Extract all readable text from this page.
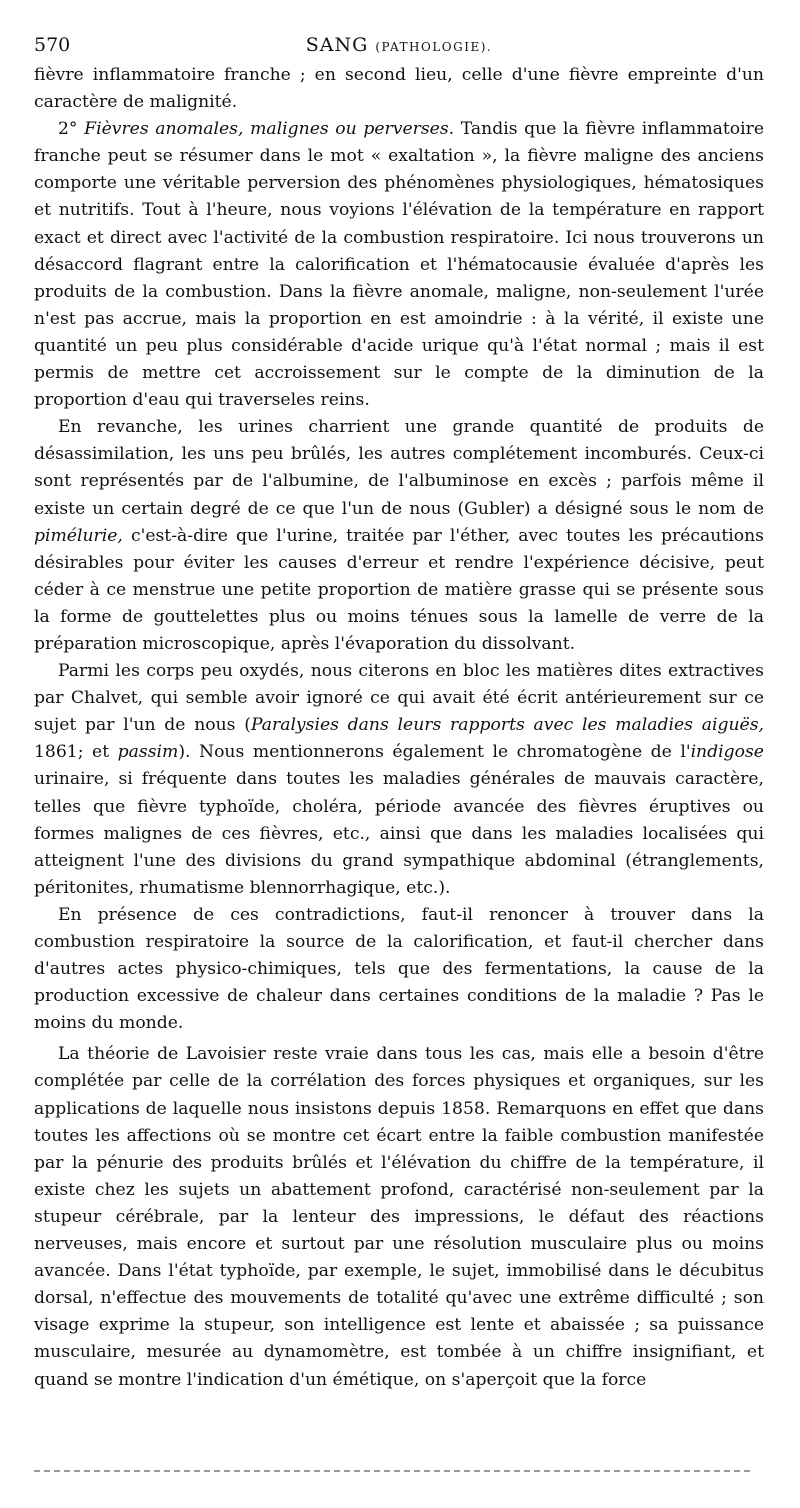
570	SANG (PATHOLOGIE).

fièvre inflammatoire franche ; en second lieu, celle d'une fièvre empreinte d'un caractère de malignité.

2° Fièvres anomales, malignes ou perverses. Tandis que la fièvre inflammatoire franche peut se résumer dans le mot « exaltation », la fièvre maligne des anciens comporte une véritable perversion des phénomènes physiologiques, hématosiques et nutritifs. Tout à l'heure, nous voyions l'élévation de la température en rapport exact et direct avec l'activité de la combustion respiratoire. Ici nous trouverons un désaccord flagrant entre la calorification et l'hématocausie évaluée d'après les produits de la combustion. Dans la fièvre anomale, maligne, non-seulement l'urée n'est pas accrue, mais la proportion en est amoindrie : à la vérité, il existe une quantité un peu plus considérable d'acide urique qu'à l'état normal ; mais il est permis de mettre cet accroissement sur le compte de la diminution de la proportion d'eau qui traverseles reins.

En revanche, les urines charrient une grande quantité de produits de désassimilation, les uns peu brûlés, les autres complétement incomburés. Ceux-ci sont représentés par de l'albumine, de l'albuminose en excès ; parfois même il existe un certain degré de ce que l'un de nous (Gubler) a désigné sous le nom de pimélurie, c'est-à-dire que l'urine, traitée par l'éther, avec toutes les précautions désirables pour éviter les causes d'erreur et rendre l'expérience décisive, peut céder à ce menstrue une petite proportion de matière grasse qui se présente sous la forme de gouttelettes plus ou moins ténues sous la lamelle de verre de la préparation microscopique, après l'évaporation du dissolvant.

Parmi les corps peu oxydés, nous citerons en bloc les matières dites extractives par Chalvet, qui semble avoir ignoré ce qui avait été écrit antérieurement sur ce sujet par l'un de nous (Paralysies dans leurs rapports avec les maladies aiguës, 1861; et passim). Nous mentionnerons également le chromatogène de l'indigose urinaire, si fréquente dans toutes les maladies générales de mauvais caractère, telles que fièvre typhoïde, choléra, période avancée des fièvres éruptives ou formes malignes de ces fièvres, etc., ainsi que dans les maladies localisées qui atteignent l'une des divisions du grand sympathique abdominal (étranglements, péritonites, rhumatisme blennorrhagique, etc.).

En présence de ces contradictions, faut-il renoncer à trouver dans la combustion respiratoire la source de la calorification, et faut-il chercher dans d'autres actes physico-chimiques, tels que des fermentations, la cause de la production excessive de chaleur dans certaines conditions de la maladie ? Pas le moins du monde.

La théorie de Lavoisier reste vraie dans tous les cas, mais elle a besoin d'être complétée par celle de la corrélation des forces physiques et organiques, sur les applications de laquelle nous insistons depuis 1858. Remarquons en effet que dans toutes les affections où se montre cet écart entre la faible combustion manifestée par la pénurie des produits brûlés et l'élévation du chiffre de la température, il existe chez les sujets un abattement profond, caractérisé non-seulement par la stupeur cérébrale, par la lenteur des impressions, le défaut des réactions nerveuses, mais encore et surtout par une résolution musculaire plus ou moins avancée. Dans l'état typhoïde, par exemple, le sujet, immobilisé dans le décubitus dorsal, n'effectue des mouvements de totalité qu'avec une extrême difficulté ; son visage exprime la stupeur, son intelligence est lente et abaissée ; sa puissance musculaire, mesurée au dynamomètre, est tombée à un chiffre insignifiant, et quand se montre l'indication d'un émétique, on s'aperçoit que la force
